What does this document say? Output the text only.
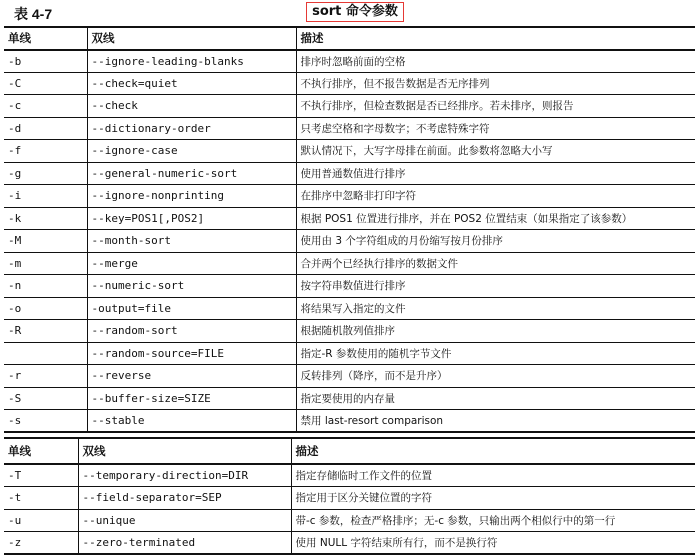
表 4-7	sort 命令参数
单线	双线	描述
-b	--ignore-leading-blanks	排序时忽略前面的空格
-C	--check=quiet	不执行排序，但不报告数据是否无序排列
-c	--check	不执行排序，但检查数据是否已经排序。若未排序，则报告
-d	--dictionary-order	只考虑空格和字母数字；不考虑特殊字符
-f	--ignore-case	默认情况下，大写字母排在前面。此参数将忽略大小写
-g	--general-numeric-sort	使用普通数值进行排序
-i	--ignore-nonprinting	在排序中忽略非打印字符
-k	--key=POS1[,POS2]	根据 POS1 位置进行排序，并在 POS2 位置结束（如果指定了该参数）
-M	--month-sort	使用由 3 个字符组成的月份缩写按月份排序
-m	--merge	合并两个已经执行排序的数据文件
-n	--numeric-sort	按字符串数值进行排序
-o	-output=file	将结果写入指定的文件
-R	--random-sort	根据随机散列值排序
	--random-source=FILE	指定-R 参数使用的随机字节文件
-r	--reverse	反转排列（降序，而不是升序）
-S	--buffer-size=SIZE	指定要使用的内存量
-s	--stable	禁用 last-resort comparison
单线	双线	描述
-T	--temporary-direction=DIR	指定存储临时工作文件的位置
-t	--field-separator=SEP	指定用于区分关键位置的字符
-u	--unique	带-c 参数，检查严格排序；无-c 参数，只输出两个相似行中的第一行
-z	--zero-terminated	使用 NULL 字符结束所有行，而不是换行符
